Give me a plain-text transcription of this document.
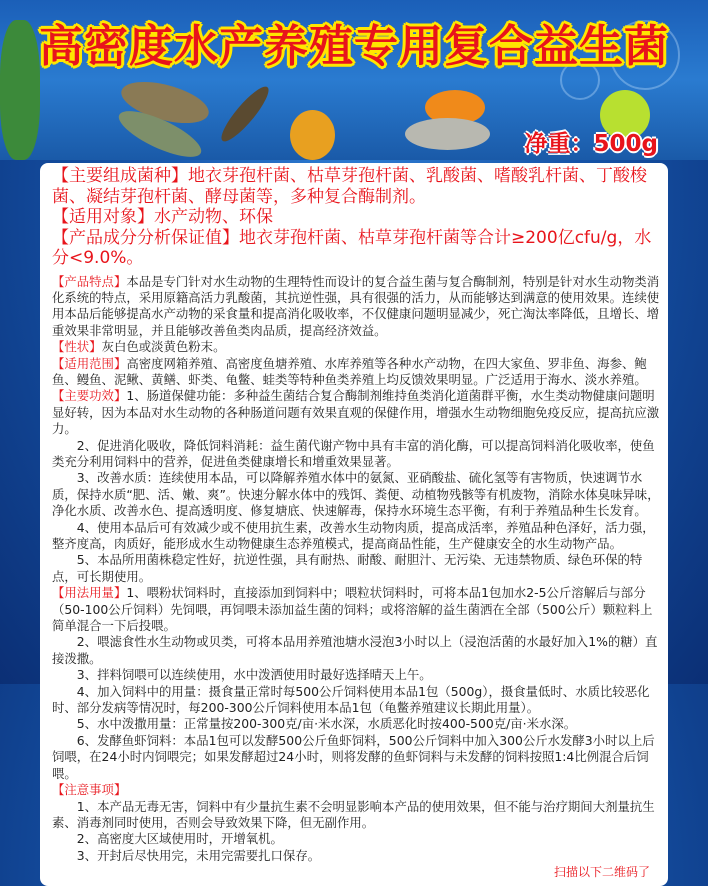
高密度水产养殖专用复合益生菌
净重：500g
【主要组成菌种】地衣芽孢杆菌、枯草芽孢杆菌、乳酸菌、嗜酸乳杆菌、丁酸梭菌、凝结芽孢杆菌、酵母菌等，多种复合酶制剂。
【适用对象】水产动物、环保
【产品成分分析保证值】地衣芽孢杆菌、枯草芽孢杆菌等合计≥200亿cfu/g，水分<9.0%。

【产品特点】本品是专门针对水生动物的生理特性而设计的复合益生菌与复合酶制剂，特别是针对水生动物类消化系统的特点，采用原籍高活力乳酸菌，其抗逆性强，具有很强的活力，从而能够达到满意的使用效果。连续使用本品后能够提高水产动物的采食量和提高消化吸收率，不仅健康问题明显减少，死亡淘汰率降低，且增长、增重效果非常明显，并且能够改善鱼类肉品质，提高经济效益。

【性状】灰白色或淡黄色粉末。

【适用范围】高密度网箱养殖、高密度鱼塘养殖、水库养殖等各种水产动物，在四大家鱼、罗非鱼、海参、鲍鱼、鳗鱼、泥鳅、黄鳝、虾类、龟鳖、蛙类等特种鱼类养殖上均反馈效果明显。广泛适用于海水、淡水养殖。

【主要功效】1、肠道保健功能：多种益生菌结合复合酶制剂维持鱼类消化道菌群平衡，水生类动物健康问题明显好转，因为本品对水生动物的各种肠道问题有效果直观的保健作用，增强水生动物细胞免疫反应，提高抗应激力。

2、促进消化吸收，降低饲料消耗：益生菌代谢产物中具有丰富的消化酶，可以提高饲料消化吸收率，使鱼类充分利用饲料中的营养，促进鱼类健康增长和增重效果显著。

3、改善水质：连续使用本品，可以降解养殖水体中的氨氮、亚硝酸盐、硫化氢等有害物质，快速调节水质，保持水质“肥、活、嫩、爽”。快速分解水体中的残饵、粪便、动植物残骸等有机废物，消除水体臭味异味，净化水质、改善水色、提高透明度、修复塘底、快速解毒，保持水环境生态平衡，有利于养殖品种生长发育。

4、使用本品后可有效减少或不使用抗生素，改善水生动物肉质，提高成活率，养殖品种色泽好，活力强，整齐度高，肉质好，能形成水生动物健康生态养殖模式，提高商品性能，生产健康安全的水生动物产品。

5、本品所用菌株稳定性好，抗逆性强，具有耐热、耐酸、耐胆汁、无污染、无违禁物质、绿色环保的特点，可长期使用。

【用法用量】1、喂粉状饲料时，直接添加到饲料中；喂粒状饲料时，可将本品1包加水2-5公斤溶解后与部分（50-100公斤饲料）先饲喂，再饲喂未添加益生菌的饲料；或将溶解的益生菌洒在全部（500公斤）颗粒料上简单混合一下后投喂。

2、喂滤食性水生动物或贝类，可将本品用养殖池塘水浸泡3小时以上（浸泡活菌的水最好加入1%的糖）直接泼撒。

3、拌料饲喂可以连续使用，水中泼洒使用时最好选择晴天上午。

4、加入饲料中的用量：摄食量正常时每500公斤饲料使用本品1包（500g），摄食量低时、水质比较恶化时、部分发病等情况时，每200-300公斤饲料使用本品1包（龟鳖养殖建议长期此用量）。

5、水中泼撒用量：正常量按200-300克/亩·米水深，水质恶化时按400-500克/亩·米水深。

6、发酵鱼虾饲料：本品1包可以发酵500公斤鱼虾饲料，500公斤饲料中加入300公斤水发酵3小时以上后饲喂，在24小时内饲喂完；如果发酵超过24小时，则将发酵的鱼虾饲料与未发酵的饲料按照1:4比例混合后饲喂。

【注意事项】

1、本产品无毒无害，饲料中有少量抗生素不会明显影响本产品的使用效果，但不能与治疗期间大剂量抗生素、消毒剂同时使用，否则会导致效果下降，但无副作用。

2、高密度大区域使用时，开增氧机。

3、开封后尽快用完，未用完需要扎口保存。

扫描以下二维码了
